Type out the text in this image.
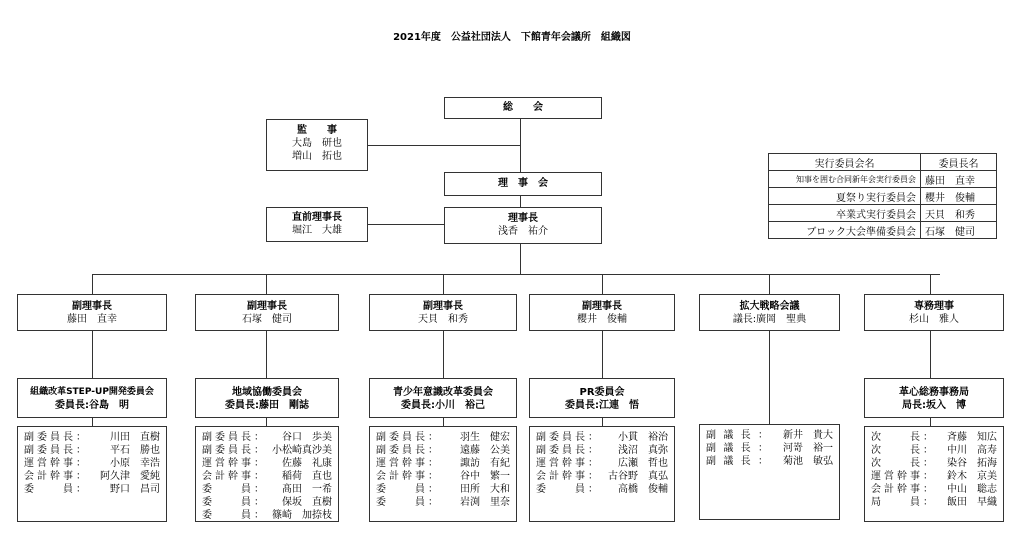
2021年度　公益社団法人　下館青年会議所　組織図
総　　会
監　　事
大島　研也
増山　拓也
理　事　会
直前理事長
堀江　大雄
理事長
浅香　祐介
実行委員会名	委員長名
知事を囲む合同新年会実行委員会	藤田　直幸
夏祭り実行委員会	櫻井　俊輔
卒業式実行委員会	天貝　和秀
ブロック大会準備委員会	石塚　健司
副理事長
藤田　直幸
副理事長
石塚　健司
副理事長
天貝　和秀
副理事長
櫻井　俊輔
拡大戦略会議
議長:廣岡　聖典
専務理事
杉山　雅人
組織改革STEP-UP開発委員会
委員長:谷島　明
地域協働委員会
委員長:藤田　剛誌
青少年意識改革委員会
委員長:小川　裕己
PR委員会
委員長:江連　悟
革心総務事務局
局長:坂入　博
副委員長： 川田　直樹
副委員長： 平石　勝也
運営幹事： 小原　幸浩
会計幹事： 阿久津　愛純
委　　員： 野口　昌司
副委員長： 谷口　歩美
副委員長： 小松崎真沙美
運営幹事： 佐藤　礼康
会計幹事： 稲荷　直也
委　　員： 髙田　一希
委　　員： 保坂　直樹
委　　員： 篠崎　加捺枝
副委員長： 羽生　健宏
副委員長： 遠藤　公美
運営幹事： 諏訪　有紀
会計幹事： 谷中　繁一
委　　員： 田所　大和
委　　員： 岩渕　里奈
副委員長： 小貫　裕治
副委員長： 浅沼　真弥
運営幹事： 広瀬　哲也
会計幹事： 古谷野　真弘
委　　員： 高橋　俊輔
副議長： 新井　貴大
副議長： 河嵜　裕一
副議長： 菊池　敏弘
次　　長： 斉藤　知広
次　　長： 中川　高寿
次　　長： 染谷　拓海
運営幹事： 鈴木　京美
会計幹事： 中山　聡志
局　　員： 飯田　早織
